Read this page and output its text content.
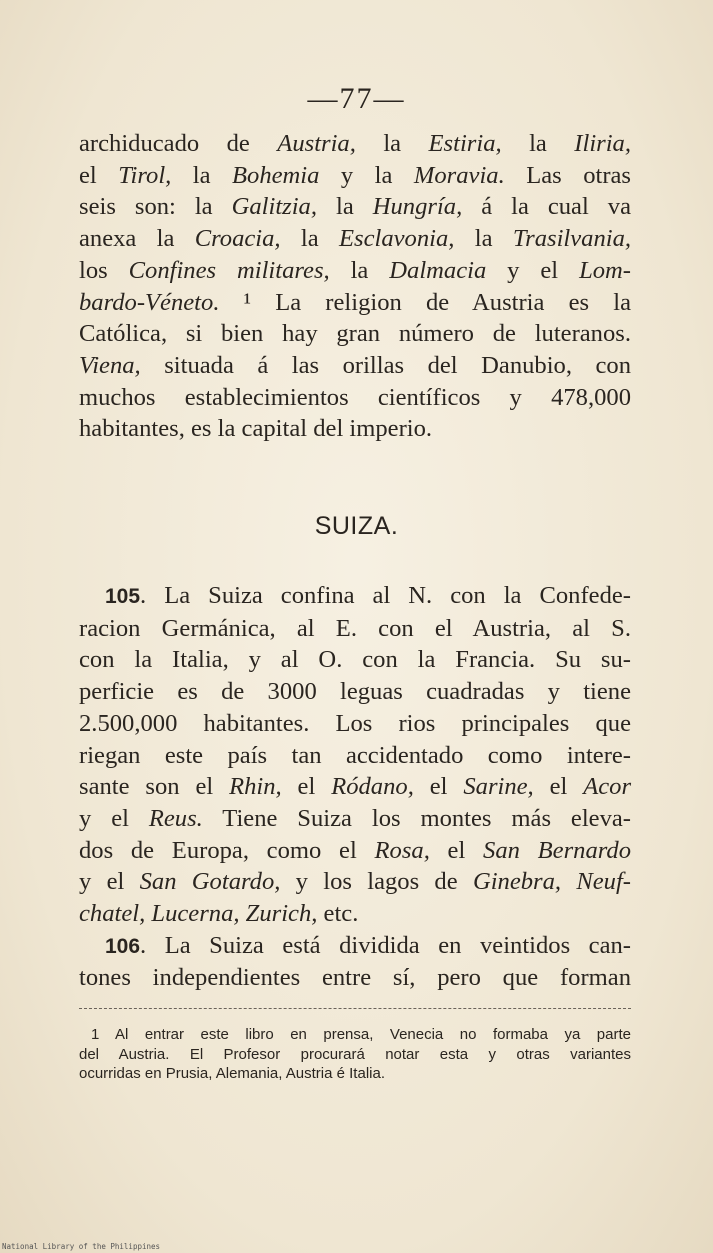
—77—

archiducado de Austria, la Estiria, la Iliria,
el Tirol, la Bohemia y la Moravia. Las otras
seis son: la Galitzia, la Hungría, á la cual va
anexa la Croacia, la Esclavonia, la Trasilvania,
los Confines militares, la Dalmacia y el Lom-
bardo-Véneto. ¹ La religion de Austria es la
Católica, si bien hay gran número de luteranos.
Viena, situada á las orillas del Danubio, con
muchos establecimientos científicos y 478,000
habitantes, es la capital del imperio.

SUIZA.

105. La Suiza confina al N. con la Confede-
racion Germánica, al E. con el Austria, al S.
con la Italia, y al O. con la Francia. Su su-
perficie es de 3000 leguas cuadradas y tiene
2.500,000 habitantes. Los rios principales que
riegan este país tan accidentado como intere-
sante son el Rhin, el Ródano, el Sarine, el Acor
y el Reus. Tiene Suiza los montes más eleva-
dos de Europa, como el Rosa, el San Bernardo
y el San Gotardo, y los lagos de Ginebra, Neuf-
chatel, Lucerna, Zurich, etc.

106. La Suiza está dividida en veintidos can-
tones independientes entre sí, pero que forman

1 Al entrar este libro en prensa, Venecia no formaba ya parte
del Austria. El Profesor procurará notar esta y otras variantes
ocurridas en Prusia, Alemania, Austria é Italia.

National Library of the Philippines
